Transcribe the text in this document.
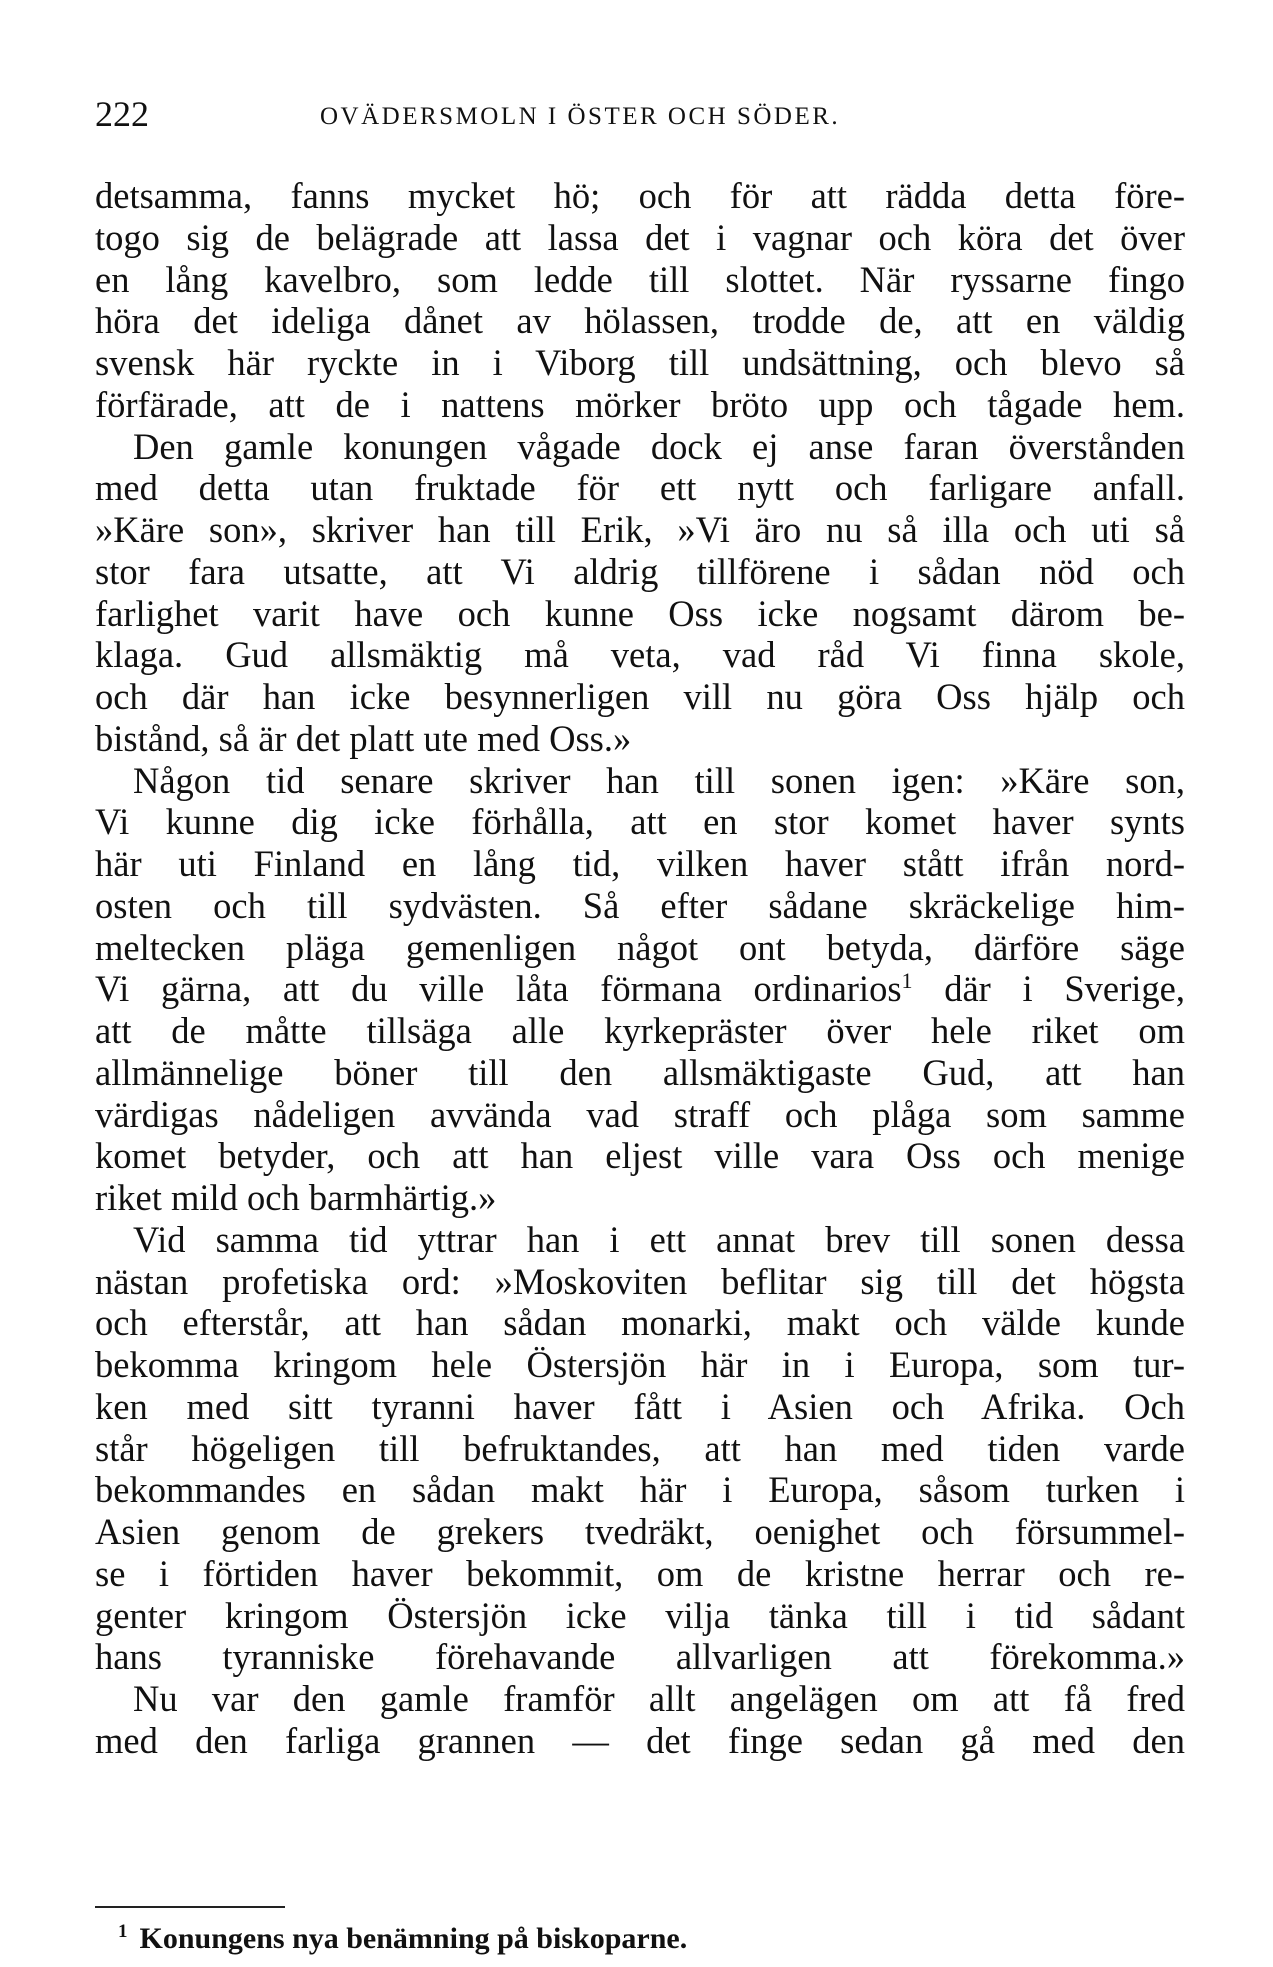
222	OVÄDERSMOLN I ÖSTER OCH SÖDER.
detsamma, fanns mycket hö; och för att rädda detta före-
togo sig de belägrade att lassa det i vagnar och köra det över
en lång kavelbro, som ledde till slottet. När ryssarne fingo
höra det ideliga dånet av hölassen, trodde de, att en väldig
svensk här ryckte in i Viborg till undsättning, och blevo så
förfärade, att de i nattens mörker bröto upp och tågade hem.
Den gamle konungen vågade dock ej anse faran överstånden
med detta utan fruktade för ett nytt och farligare anfall.
»Käre son», skriver han till Erik, »Vi äro nu så illa och uti så
stor fara utsatte, att Vi aldrig tillförene i sådan nöd och
farlighet varit have och kunne Oss icke nogsamt därom be-
klaga. Gud allsmäktig må veta, vad råd Vi finna skole,
och där han icke besynnerligen vill nu göra Oss hjälp och
bistånd, så är det platt ute med Oss.»
Någon tid senare skriver han till sonen igen: »Käre son,
Vi kunne dig icke förhålla, att en stor komet haver synts
här uti Finland en lång tid, vilken haver stått ifrån nord-
osten och till sydvästen. Så efter sådane skräckelige him-
meltecken pläga gemenligen något ont betyda, därföre säge
Vi gärna, att du ville låta förmana ordinarios$^1$ där i Sverige,
att de måtte tillsäga alle kyrkepräster över hele riket om
allmännelige böner till den allsmäktigaste Gud, att han
värdigas nådeligen avvända vad straff och plåga som samme
komet betyder, och att han eljest ville vara Oss och menige
riket mild och barmhärtig.»
Vid samma tid yttrar han i ett annat brev till sonen dessa
nästan profetiska ord: »Moskoviten beflitar sig till det högsta
och efterstår, att han sådan monarki, makt och välde kunde
bekomma kringom hele Östersjön här in i Europa, som tur-
ken med sitt tyranni haver fått i Asien och Afrika. Och
står högeligen till befruktandes, att han med tiden varde
bekommandes en sådan makt här i Europa, såsom turken i
Asien genom de grekers tvedräkt, oenighet och försummel-
se i förtiden haver bekommit, om de kristne herrar och re-
genter kringom Östersjön icke vilja tänka till i tid sådant
hans tyranniske förehavande allvarligen att förekomma.»
Nu var den gamle framför allt angelägen om att få fred
med den farliga grannen — det finge sedan gå med den
$^1$ Konungens nya benämning på biskoparne.
